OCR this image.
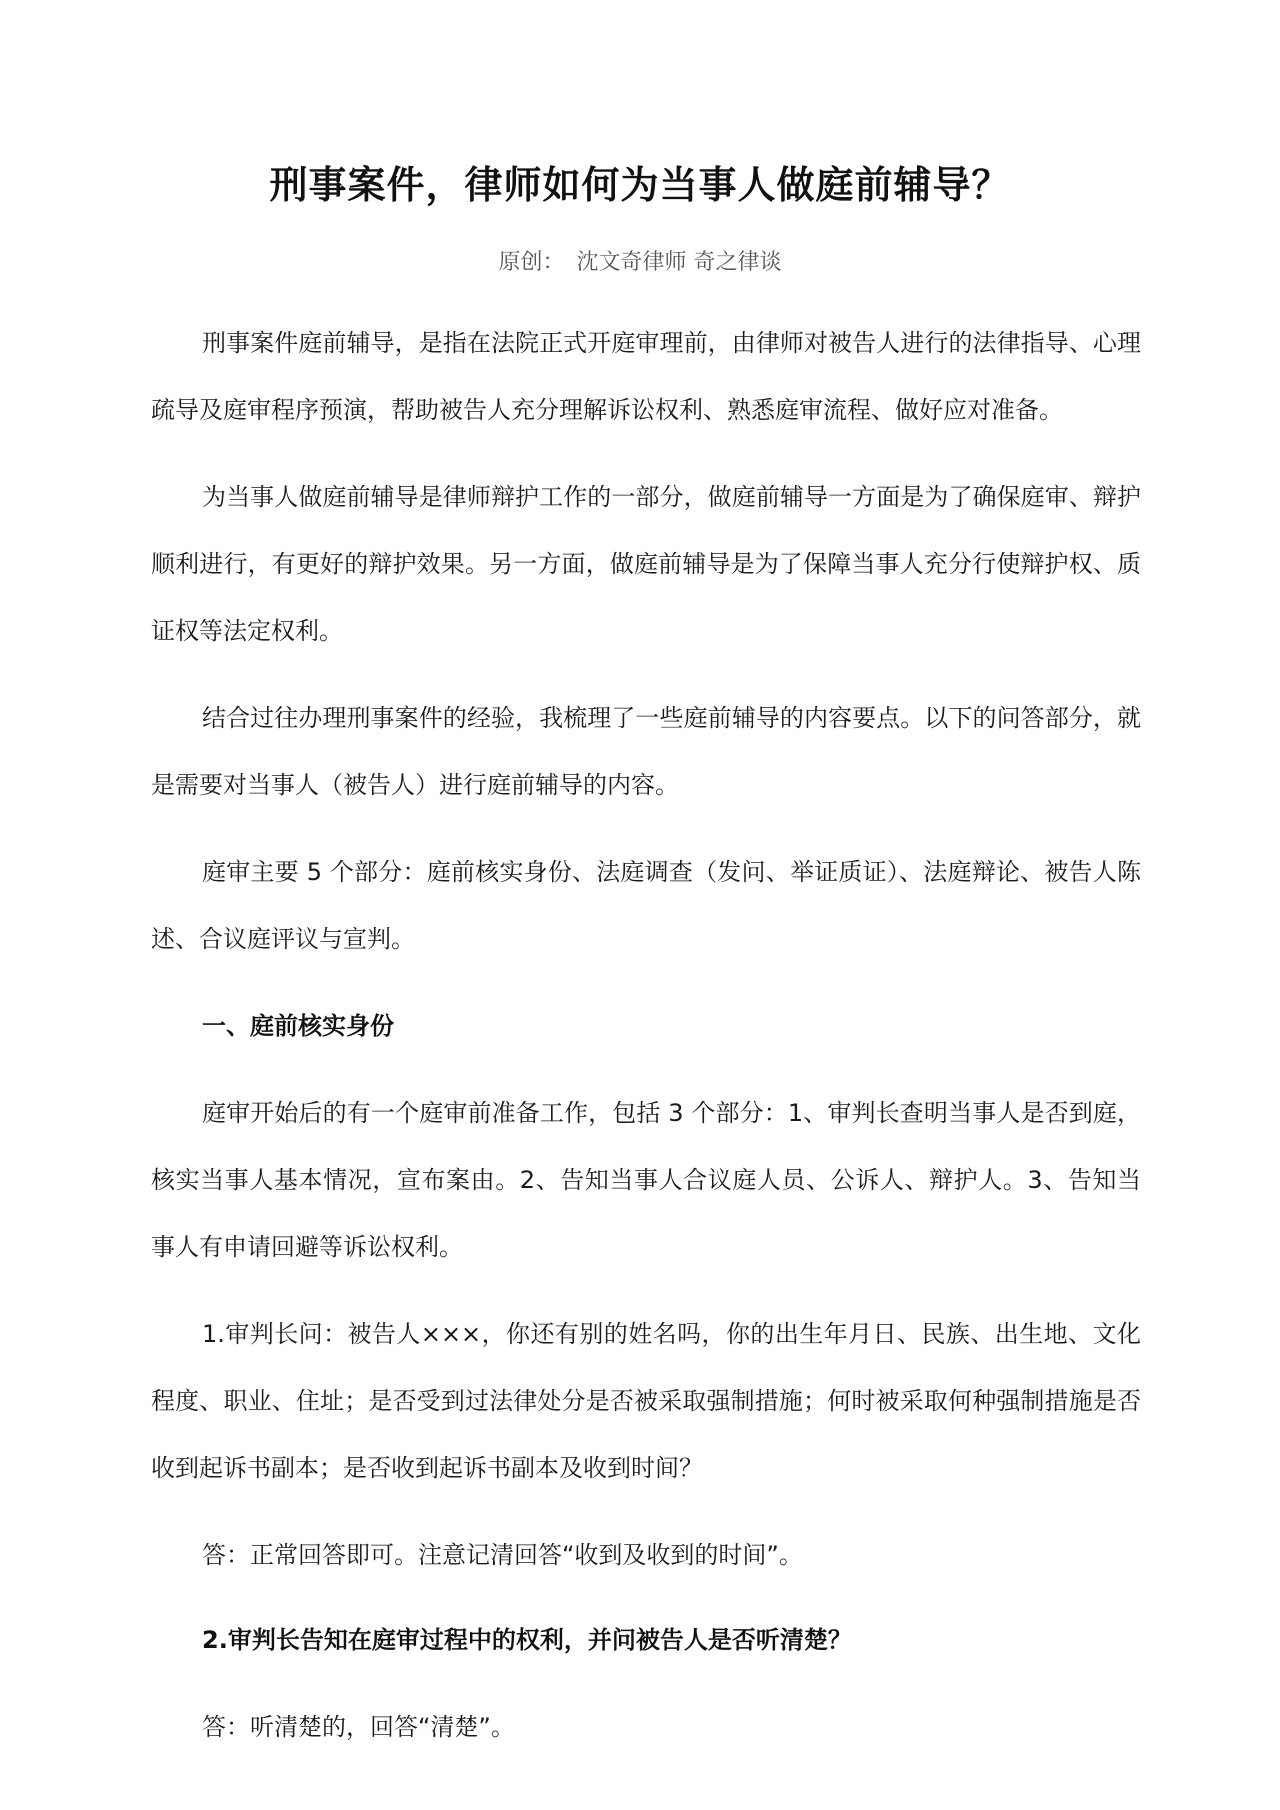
刑事案件，律师如何为当事人做庭前辅导？
原创： 沈文奇律师 奇之律谈

刑事案件庭前辅导，是指在法院正式开庭审理前，由律师对被告人进行的法律指导、心理疏导及庭审程序预演，帮助被告人充分理解诉讼权利、熟悉庭审流程、做好应对准备。

为当事人做庭前辅导是律师辩护工作的一部分，做庭前辅导一方面是为了确保庭审、辩护顺利进行，有更好的辩护效果。另一方面，做庭前辅导是为了保障当事人充分行使辩护权、质证权等法定权利。

结合过往办理刑事案件的经验，我梳理了一些庭前辅导的内容要点。以下的问答部分，就是需要对当事人（被告人）进行庭前辅导的内容。

庭审主要 5 个部分：庭前核实身份、法庭调查（发问、举证质证）、法庭辩论、被告人陈述、合议庭评议与宣判。

一、庭前核实身份

庭审开始后的有一个庭审前准备工作，包括 3 个部分：1、审判长查明当事人是否到庭，核实当事人基本情况，宣布案由。2、告知当事人合议庭人员、公诉人、辩护人。3、告知当事人有申请回避等诉讼权利。

1.审判长问：被告人×××，你还有别的姓名吗，你的出生年月日、民族、出生地、文化程度、职业、住址；是否受到过法律处分是否被采取强制措施；何时被采取何种强制措施是否收到起诉书副本；是否收到起诉书副本及收到时间？

答：正常回答即可。注意记清回答“收到及收到的时间”。

2.审判长告知在庭审过程中的权利，并问被告人是否听清楚？

答：听清楚的，回答“清楚”。
